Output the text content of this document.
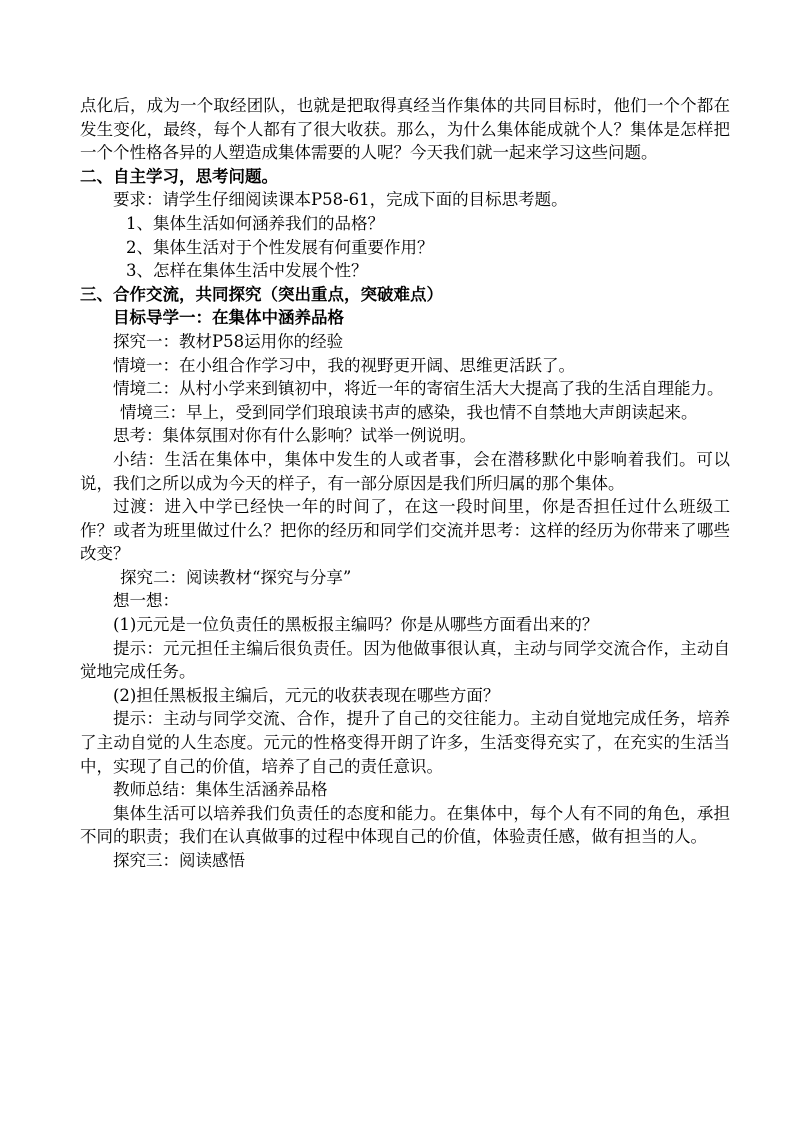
点化后，成为一个取经团队，也就是把取得真经当作集体的共同目标时，他们一个个都在发生变化，最终，每个人都有了很大收获。那么，为什么集体能成就个人？集体是怎样把一个个性格各异的人塑造成集体需要的人呢？今天我们就一起来学习这些问题。

二、自主学习，思考问题。

要求：请学生仔细阅读课本P58-61，完成下面的目标思考题。

1、集体生活如何涵养我们的品格？

2、集体生活对于个性发展有何重要作用？

3、怎样在集体生活中发展个性？

三、合作交流，共同探究（突出重点，突破难点）

目标导学一：在集体中涵养品格

探究一：教材P58运用你的经验

情境一：在小组合作学习中，我的视野更开阔、思维更活跃了。

情境二：从村小学来到镇初中，将近一年的寄宿生活大大提高了我的生活自理能力。

情境三：早上，受到同学们琅琅读书声的感染，我也情不自禁地大声朗读起来。

思考：集体氛围对你有什么影响？试举一例说明。

小结：生活在集体中，集体中发生的人或者事，会在潜移默化中影响着我们。可以说，我们之所以成为今天的样子，有一部分原因是我们所归属的那个集体。

过渡：进入中学已经快一年的时间了，在这一段时间里，你是否担任过什么班级工作？或者为班里做过什么？把你的经历和同学们交流并思考：这样的经历为你带来了哪些改变？

探究二：阅读教材“探究与分享”

想一想：

(1)元元是一位负责任的黑板报主编吗？你是从哪些方面看出来的？

提示：元元担任主编后很负责任。因为他做事很认真，主动与同学交流合作，主动自觉地完成任务。

(2)担任黑板报主编后，元元的收获表现在哪些方面？

提示：主动与同学交流、合作，提升了自己的交往能力。主动自觉地完成任务，培养了主动自觉的人生态度。元元的性格变得开朗了许多，生活变得充实了，在充实的生活当中，实现了自己的价值，培养了自己的责任意识。

教师总结：集体生活涵养品格

集体生活可以培养我们负责任的态度和能力。在集体中，每个人有不同的角色，承担不同的职责；我们在认真做事的过程中体现自己的价值，体验责任感，做有担当的人。

探究三：阅读感悟
